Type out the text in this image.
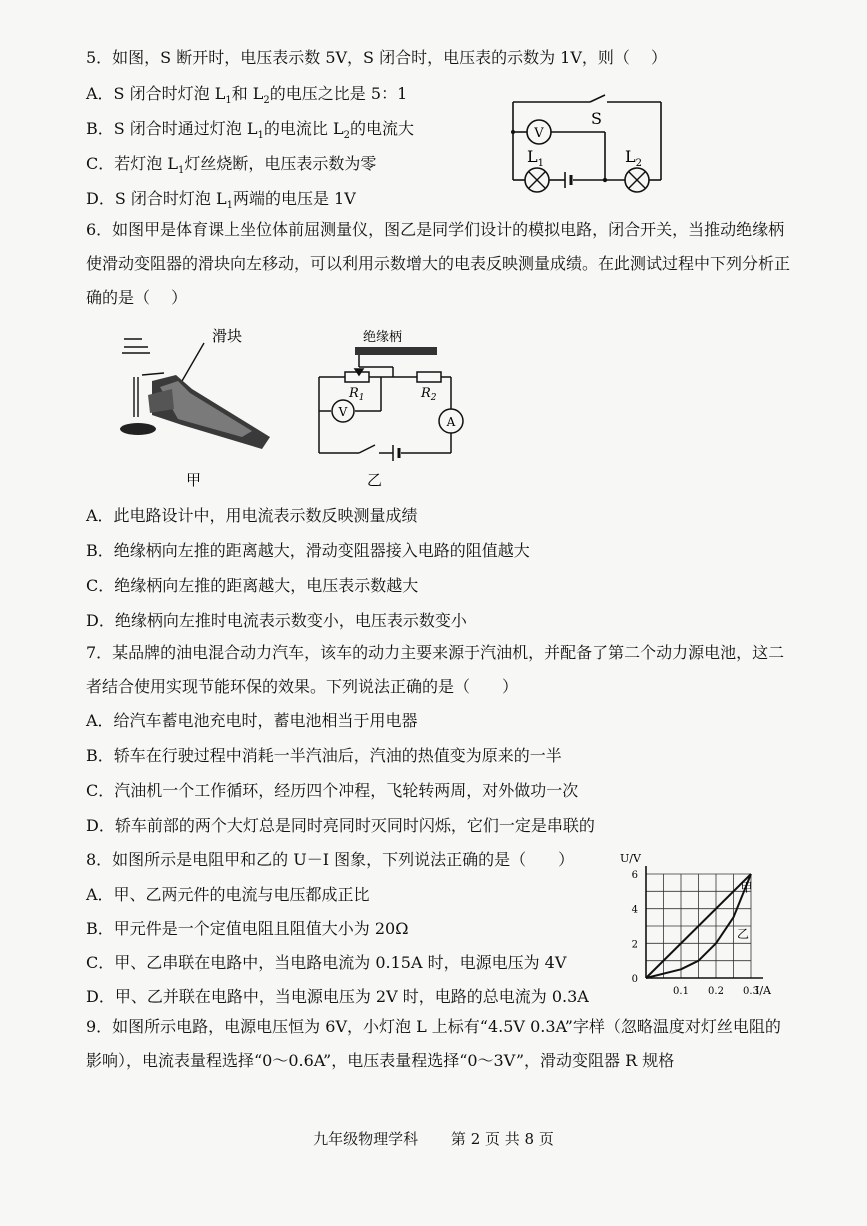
5．如图，S 断开时，电压表示数 5V，S 闭合时，电压表的示数为 1V，则（　 ）
A．S 闭合时灯泡 $L_1$和 $L_2$的电压之比是 5：1
B．S 闭合时通过灯泡 $L_1$的电流比 $L_2$的电流大
C．若灯泡 $L_1$灯丝烧断，电压表示数为零
D．S 闭合时灯泡 $L_1$两端的电压是 1V
V
S
$L_1$	$L_2$
6．如图甲是体育课上坐位体前屈测量仪，图乙是同学们设计的模拟电路，闭合开关，当推动绝缘柄使滑动变阻器的滑块向左移动，可以利用示数增大的电表反映测量成绩。在此测试过程中下列分析正确的是（　 ）
滑块
甲
绝缘柄
$R_1$	$R_2$
V
A
乙
A．此电路设计中，用电流表示数反映测量成绩
B．绝缘柄向左推的距离越大，滑动变阻器接入电路的阻值越大
C．绝缘柄向左推的距离越大，电压表示数越大
D．绝缘柄向左推时电流表示数变小，电压表示数变小
7．某品牌的油电混合动力汽车，该车的动力主要来源于汽油机，并配备了第二个动力源电池，这二者结合使用实现节能环保的效果。下列说法正确的是（　　）
A．给汽车蓄电池充电时，蓄电池相当于用电器
B．轿车在行驶过程中消耗一半汽油后，汽油的热值变为原来的一半
C．汽油机一个工作循环，经历四个冲程，飞轮转两周，对外做功一次
D．轿车前部的两个大灯总是同时亮同时灭同时闪烁，它们一定是串联的
8．如图所示是电阻甲和乙的 U－I 图象，下列说法正确的是（　　）
A．甲、乙两元件的电流与电压都成正比
B．甲元件是一个定值电阻且阻值大小为 20Ω
C．甲、乙串联在电路中，当电路电流为 0.15A 时，电源电压为 4V
D．甲、乙并联在电路中，当电源电压为 2V 时，电路的总电流为 0.3A
U/V
I/A
0
2
4
6
0.1 0.2 0.3
甲
乙
9．如图所示电路，电源电压恒为 6V，小灯泡 L 上标有“4.5V 0.3A”字样（忽略温度对灯丝电阻的影响），电流表量程选择“0～0.6A”，电压表量程选择“0～3V”，滑动变阻器 R 规格
九年级物理学科 第 2 页 共 8 页
